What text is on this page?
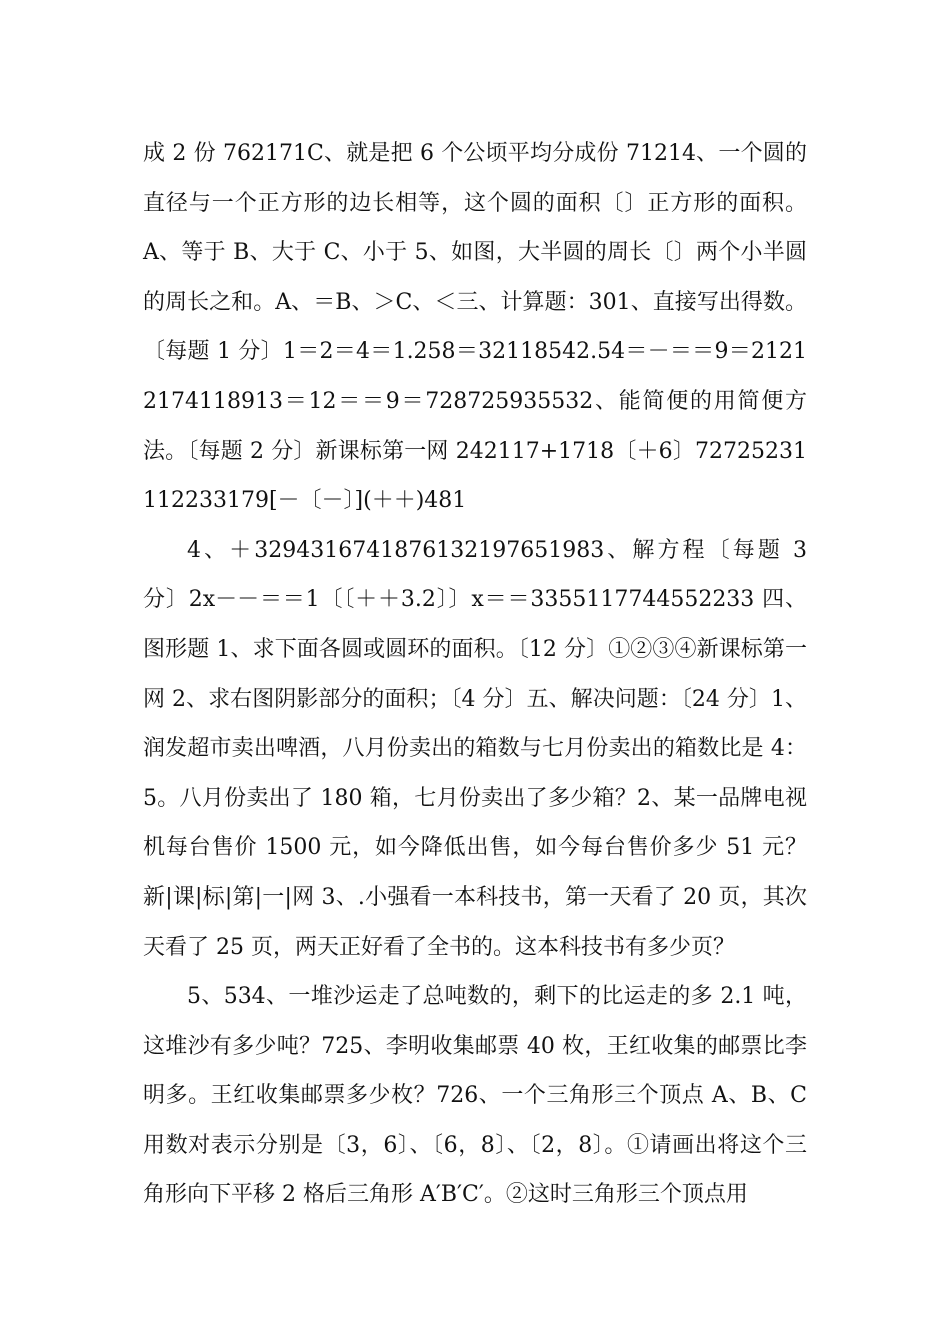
成 2 份 762171C、就是把 6 个公顷平均分成份 71214、一个圆的直径与一个正方形的边长相等，这个圆的面积〔〕正方形的面积。A、等于 B、大于 C、小于 5、如图，大半圆的周长〔〕两个小半圆的周长之和。A、＝B、＞C、＜三、计算题：301、直接写出得数。〔每题 1 分〕1＝2＝4＝1.258＝32118542.54＝－＝＝9＝21212174118913＝12＝＝9＝728725935532、能简便的用简便方法。〔每题 2 分〕新课标第一网 242117+1718〔＋6〕72725231112233179[－〔－〕](＋＋)481

4、＋3294316741876132197651983、解方程〔每题 3 分〕2x－－＝＝1〔〔＋＋3.2〕〕x＝＝3355117744552233 四、图形题 1、求下面各圆或圆环的面积。〔12 分〕①②③④新课标第一网 2、求右图阴影部分的面积；〔4 分〕五、解决问题：〔24 分〕1、润发超市卖出啤酒，八月份卖出的箱数与七月份卖出的箱数比是 4：5。八月份卖出了 180 箱，七月份卖出了多少箱？2、某一品牌电视机每台售价 1500 元，如今降低出售，如今每台售价多少 51 元？新|课|标|第|一|网 3、.小强看一本科技书，第一天看了 20 页，其次天看了 25 页，两天正好看了全书的。这本科技书有多少页？

5、534、一堆沙运走了总吨数的，剩下的比运走的多 2.1 吨，这堆沙有多少吨？725、李明收集邮票 40 枚，王红收集的邮票比李明多。王红收集邮票多少枚？726、一个三角形三个顶点 A、B、C 用数对表示分别是〔3，6〕、〔6，8〕、〔2，8〕。①请画出将这个三角形向下平移 2 格后三角形 A′B′C′。②这时三角形三个顶点用
